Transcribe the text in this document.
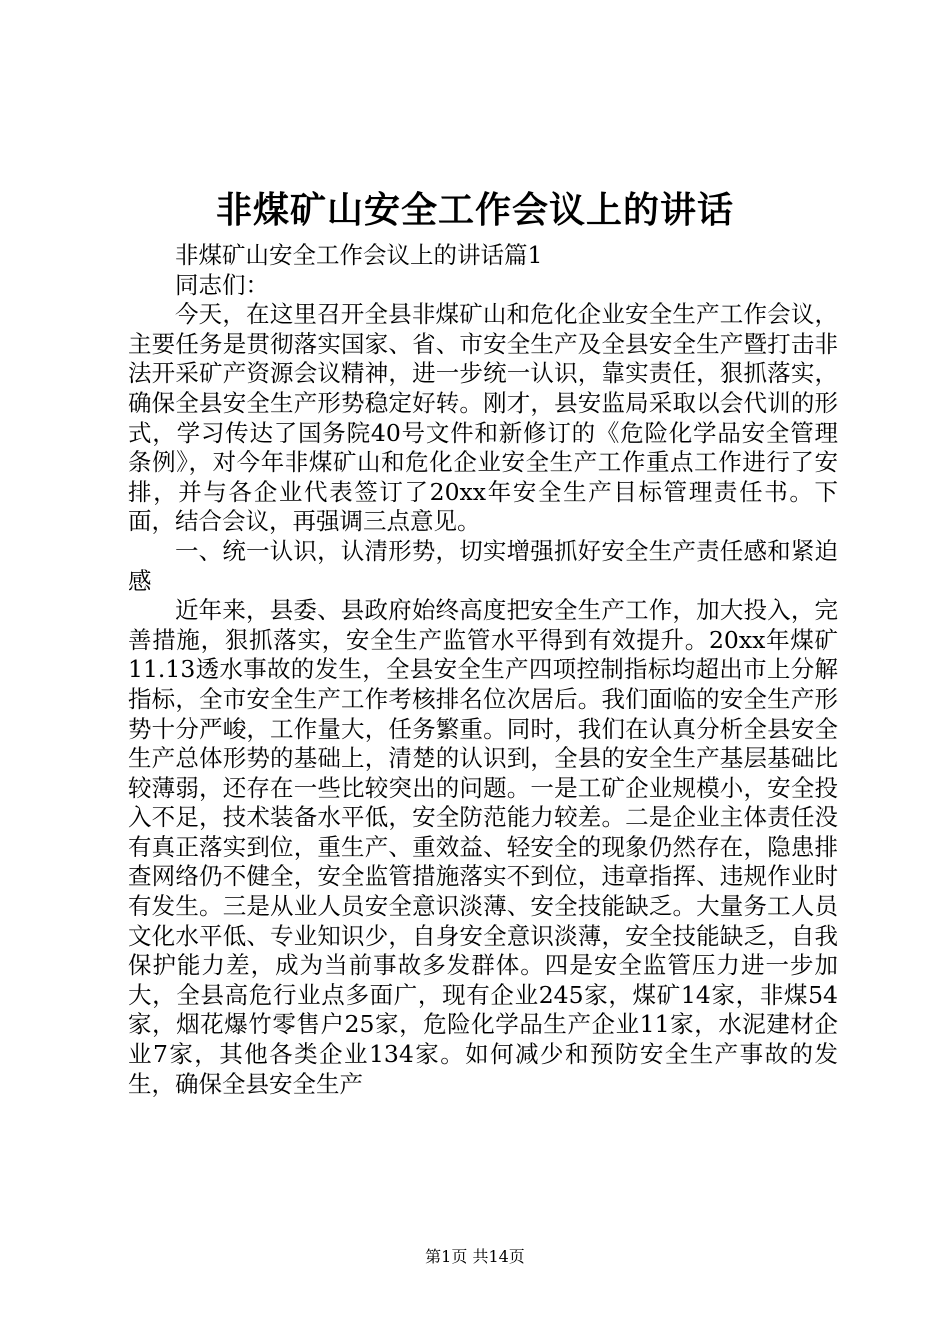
非煤矿山安全工作会议上的讲话

非煤矿山安全工作会议上的讲话篇1

同志们：

今天，在这里召开全县非煤矿山和危化企业安全生产工作会议，主要任务是贯彻落实国家、省、市安全生产及全县安全生产暨打击非法开采矿产资源会议精神，进一步统一认识，靠实责任，狠抓落实，确保全县安全生产形势稳定好转。刚才，县安监局采取以会代训的形式，学习传达了国务院40号文件和新修订的《危险化学品安全管理条例》，对今年非煤矿山和危化企业安全生产工作重点工作进行了安排，并与各企业代表签订了20xx年安全生产目标管理责任书。下面，结合会议，再强调三点意见。

一、统一认识，认清形势，切实增强抓好安全生产责任感和紧迫感

近年来，县委、县政府始终高度把安全生产工作，加大投入，完善措施，狠抓落实，安全生产监管水平得到有效提升。20xx年煤矿11.13透水事故的发生，全县安全生产四项控制指标均超出市上分解指标，全市安全生产工作考核排名位次居后。我们面临的安全生产形势十分严峻，工作量大，任务繁重。同时，我们在认真分析全县安全生产总体形势的基础上，清楚的认识到，全县的安全生产基层基础比较薄弱，还存在一些比较突出的问题。一是工矿企业规模小，安全投入不足，技术装备水平低，安全防范能力较差。二是企业主体责任没有真正落实到位，重生产、重效益、轻安全的现象仍然存在，隐患排查网络仍不健全，安全监管措施落实不到位，违章指挥、违规作业时有发生。三是从业人员安全意识淡薄、安全技能缺乏。大量务工人员文化水平低、专业知识少，自身安全意识淡薄，安全技能缺乏，自我保护能力差，成为当前事故多发群体。四是安全监管压力进一步加大，全县高危行业点多面广，现有企业245家，煤矿14家，非煤54家，烟花爆竹零售户25家，危险化学品生产企业11家，水泥建材企业7家，其他各类企业134家。如何减少和预防安全生产事故的发生，确保全县安全生产

第1页 共14页
